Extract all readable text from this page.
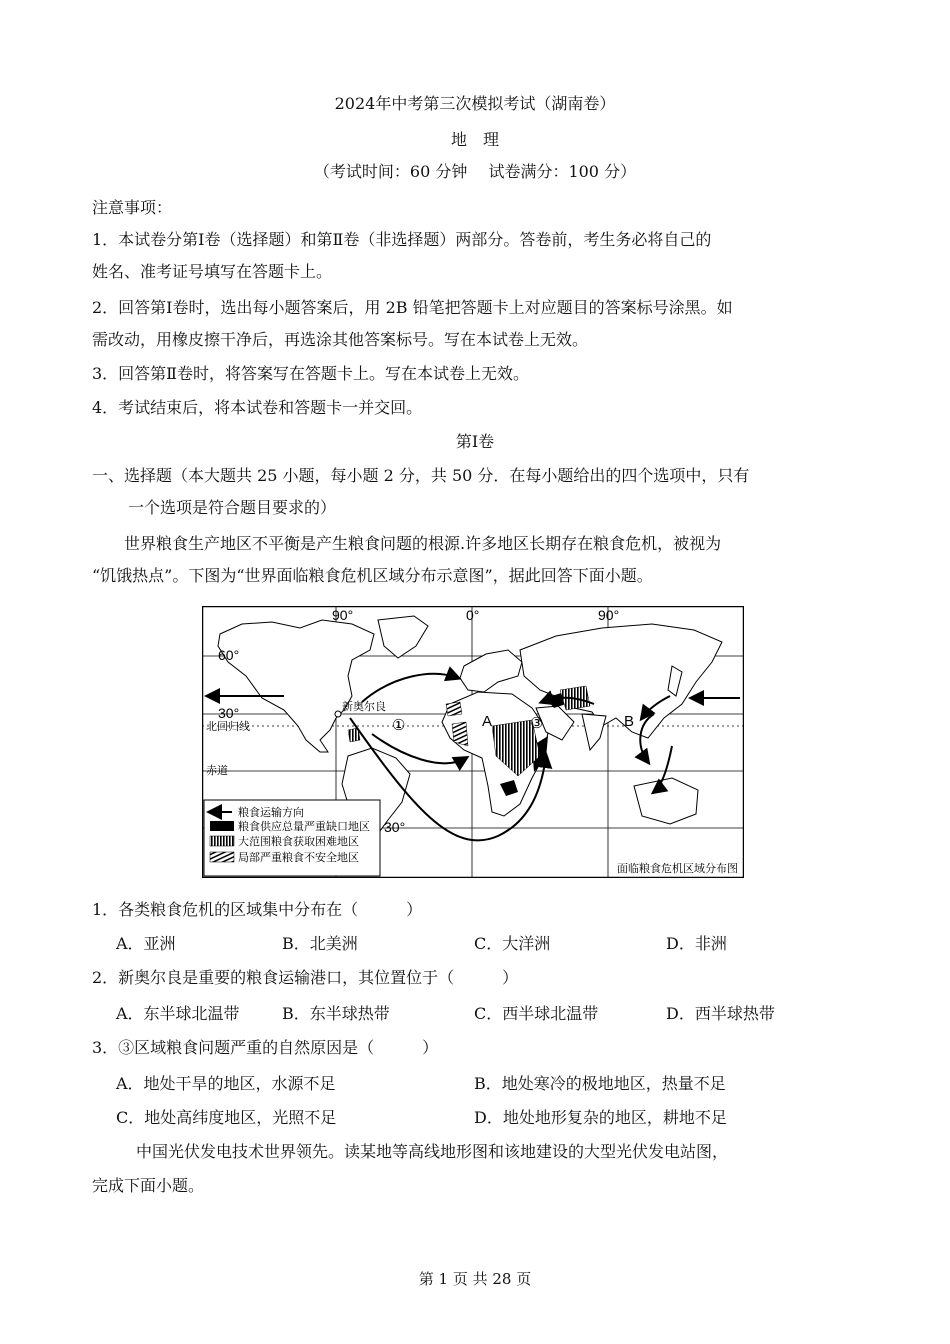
2024年中考第三次模拟考试（湖南卷）
地　理
（考试时间：60 分钟　 试卷满分：100 分）
注意事项：
1．本试卷分第Ⅰ卷（选择题）和第Ⅱ卷（非选择题）两部分。答卷前，考生务必将自己的
姓名、准考证号填写在答题卡上。
2．回答第Ⅰ卷时，选出每小题答案后，用 2B 铅笔把答题卡上对应题目的答案标号涂黑。如
需改动，用橡皮擦干净后，再选涂其他答案标号。写在本试卷上无效。
3．回答第Ⅱ卷时，将答案写在答题卡上。写在本试卷上无效。
4．考试结束后，将本试卷和答题卡一并交回。
第Ⅰ卷
一、选择题（本大题共 25 小题，每小题 2 分，共 50 分．在每小题给出的四个选项中，只有
一个选项是符合题目要求的）
世界粮食生产地区不平衡是产生粮食问题的根源.许多地区长期存在粮食危机，被视为
“饥饿热点”。下图为“世界面临粮食危机区域分布示意图”，据此回答下面小题。
90°	0°	90°
60°
30°
北回归线
赤道
30°
新奥尔良
①	③
A	B
粮食运输方向
粮食供应总量严重缺口地区
大范围粮食获取困难地区
局部严重粮食不安全地区
面临粮食危机区域分布图
1．各类粮食危机的区域集中分布在（　　　）
A．亚洲	B．北美洲	C．大洋洲	D．非洲
2．新奥尔良是重要的粮食运输港口，其位置位于（　　　）
A．东半球北温带	B．东半球热带	C．西半球北温带	D．西半球热带
3．③区域粮食问题严重的自然原因是（　　　）
A．地处干旱的地区，水源不足	B．地处寒冷的极地地区，热量不足
C．地处高纬度地区，光照不足	D．地处地形复杂的地区，耕地不足
中国光伏发电技术世界领先。读某地等高线地形图和该地建设的大型光伏发电站图，
完成下面小题。
第 1 页 共 28 页
